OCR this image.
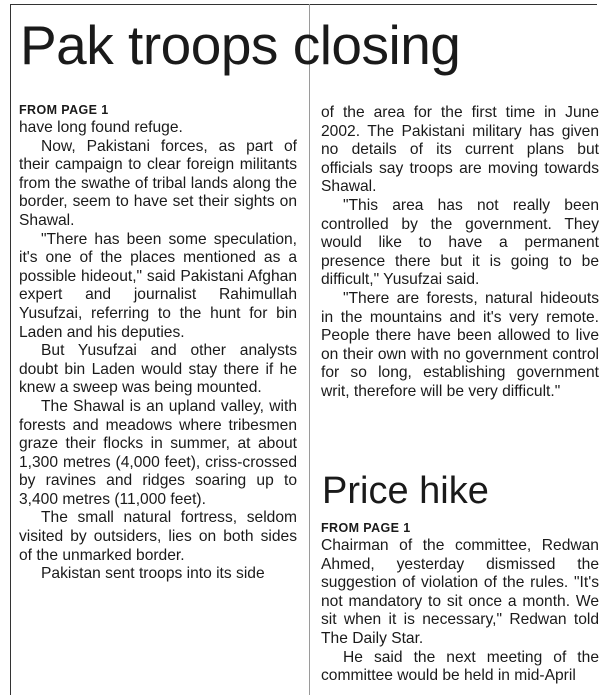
Pak troops closing
FROM PAGE 1

have long found refuge.

Now, Pakistani forces, as part of their campaign to clear foreign militants from the swathe of tribal lands along the border, seem to have set their sights on Shawal.

"There has been some speculation, it's one of the places mentioned as a possible hideout," said Pakistani Afghan expert and journalist Rahimullah Yusufzai, referring to the hunt for bin Laden and his deputies.

But Yusufzai and other analysts doubt bin Laden would stay there if he knew a sweep was being mounted.

The Shawal is an upland valley, with forests and meadows where tribesmen graze their flocks in summer, at about 1,300 metres (4,000 feet), criss-crossed by ravines and ridges soaring up to 3,400 metres (11,000 feet).

The small natural fortress, seldom visited by outsiders, lies on both sides of the unmarked border.

Pakistan sent troops into its side

of the area for the first time in June 2002. The Pakistani military has given no details of its current plans but officials say troops are moving towards Shawal.

"This area has not really been controlled by the government. They would like to have a permanent presence there but it is going to be difficult," Yusufzai said.

"There are forests, natural hideouts in the mountains and it's very remote. People there have been allowed to live on their own with no government control for so long, establishing government writ, therefore will be very difficult."

Price hike
FROM PAGE 1

Chairman of the committee, Redwan Ahmed, yesterday dismissed the suggestion of violation of the rules. "It's not mandatory to sit once a month. We sit when it is necessary," Redwan told The Daily Star.

He said the next meeting of the committee would be held in mid-April
